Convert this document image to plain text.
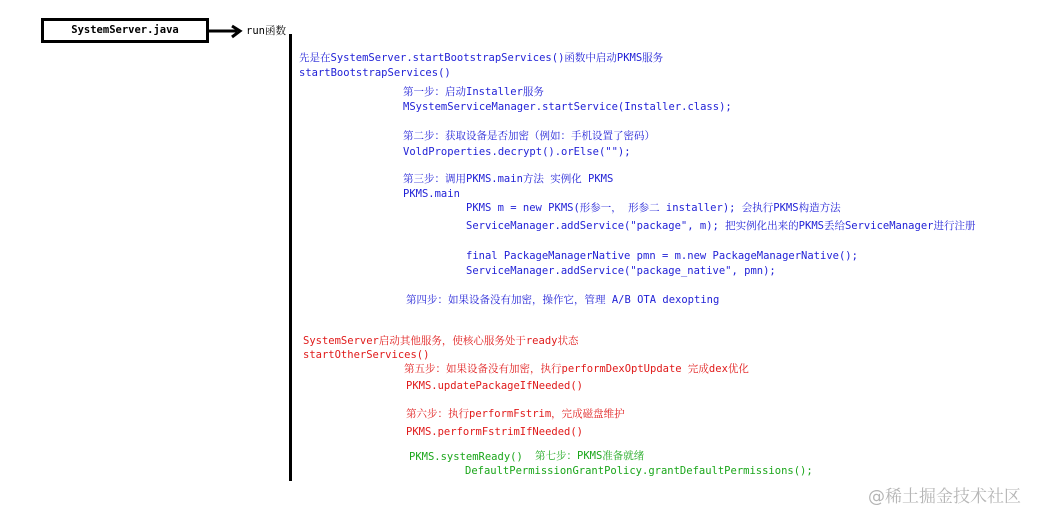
SystemServer.java	run函数
先是在SystemServer.startBootstrapServices()函数中启动PKMS服务
startBootstrapServices()
第一步：启动Installer服务
MSystemServiceManager.startService(Installer.class);
第二步：获取设备是否加密（例如：手机设置了密码）
VoldProperties.decrypt().orElse("");
第三步：调用PKMS.main方法 实例化 PKMS
PKMS.main
PKMS m = new PKMS(形参一， 形参二 installer); 会执行PKMS构造方法
ServiceManager.addService("package", m); 把实例化出来的PKMS丢给ServiceManager进行注册
final PackageManagerNative pmn = m.new PackageManagerNative();
ServiceManager.addService("package_native", pmn);
第四步：如果设备没有加密，操作它，管理 A/B OTA dexopting
SystemServer启动其他服务，使核心服务处于ready状态
startOtherServices()
第五步：如果设备没有加密，执行performDexOptUpdate 完成dex优化
PKMS.updatePackageIfNeeded()
第六步：执行performFstrim，完成磁盘维护
PKMS.performFstrimIfNeeded()
PKMS.systemReady() 第七步：PKMS准备就绪
DefaultPermissionGrantPolicy.grantDefaultPermissions();
@稀土掘金技术社区
